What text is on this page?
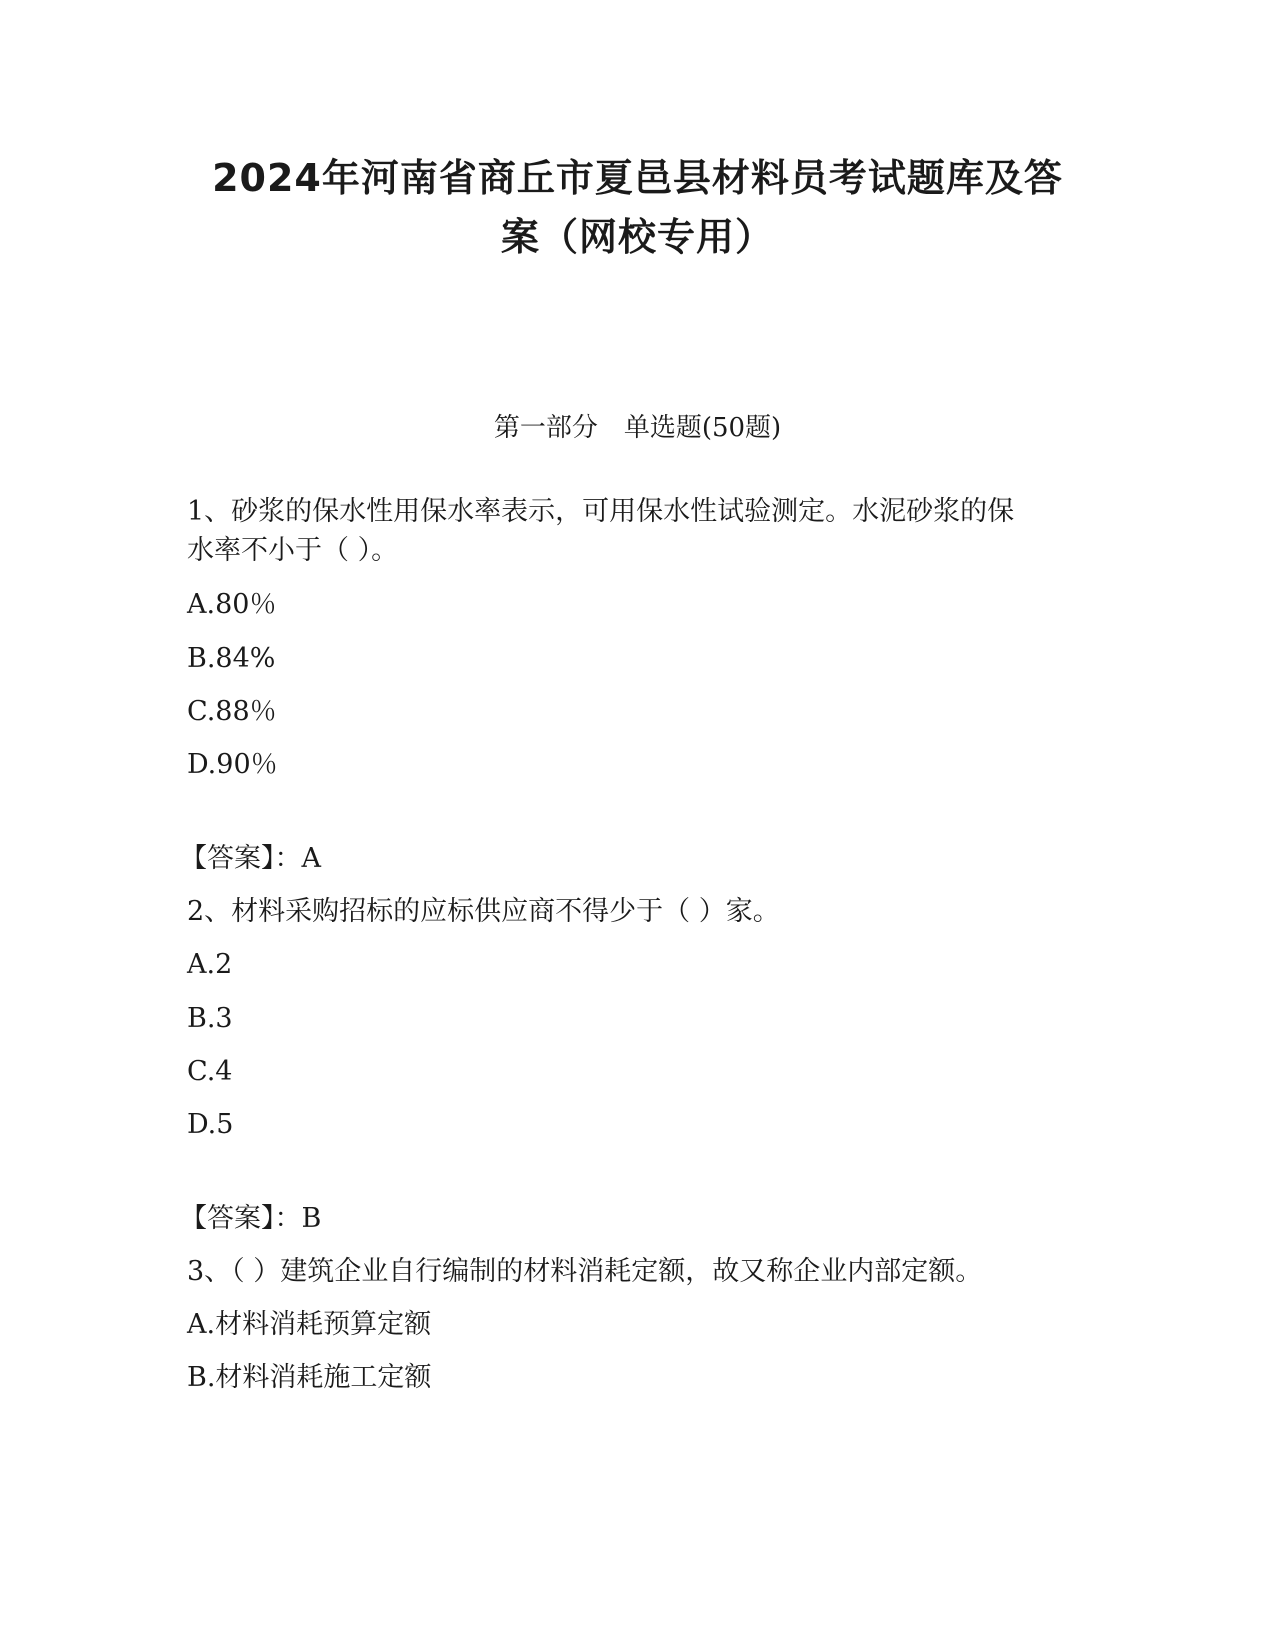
2024年河南省商丘市夏邑县材料员考试题库及答
案（网校专用）
第一部分　单选题(50题)
1、砂浆的保水性用保水率表示，可用保水性试验测定。水泥砂浆的保
水率不小于（ ）。
A.80％
B.84%
C.88％
D.90％
【答案】：A
2、材料采购招标的应标供应商不得少于（ ）家。
A.2
B.3
C.4
D.5
【答案】：B
3、（ ）建筑企业自行编制的材料消耗定额，故又称企业内部定额。
A.材料消耗预算定额
B.材料消耗施工定额
